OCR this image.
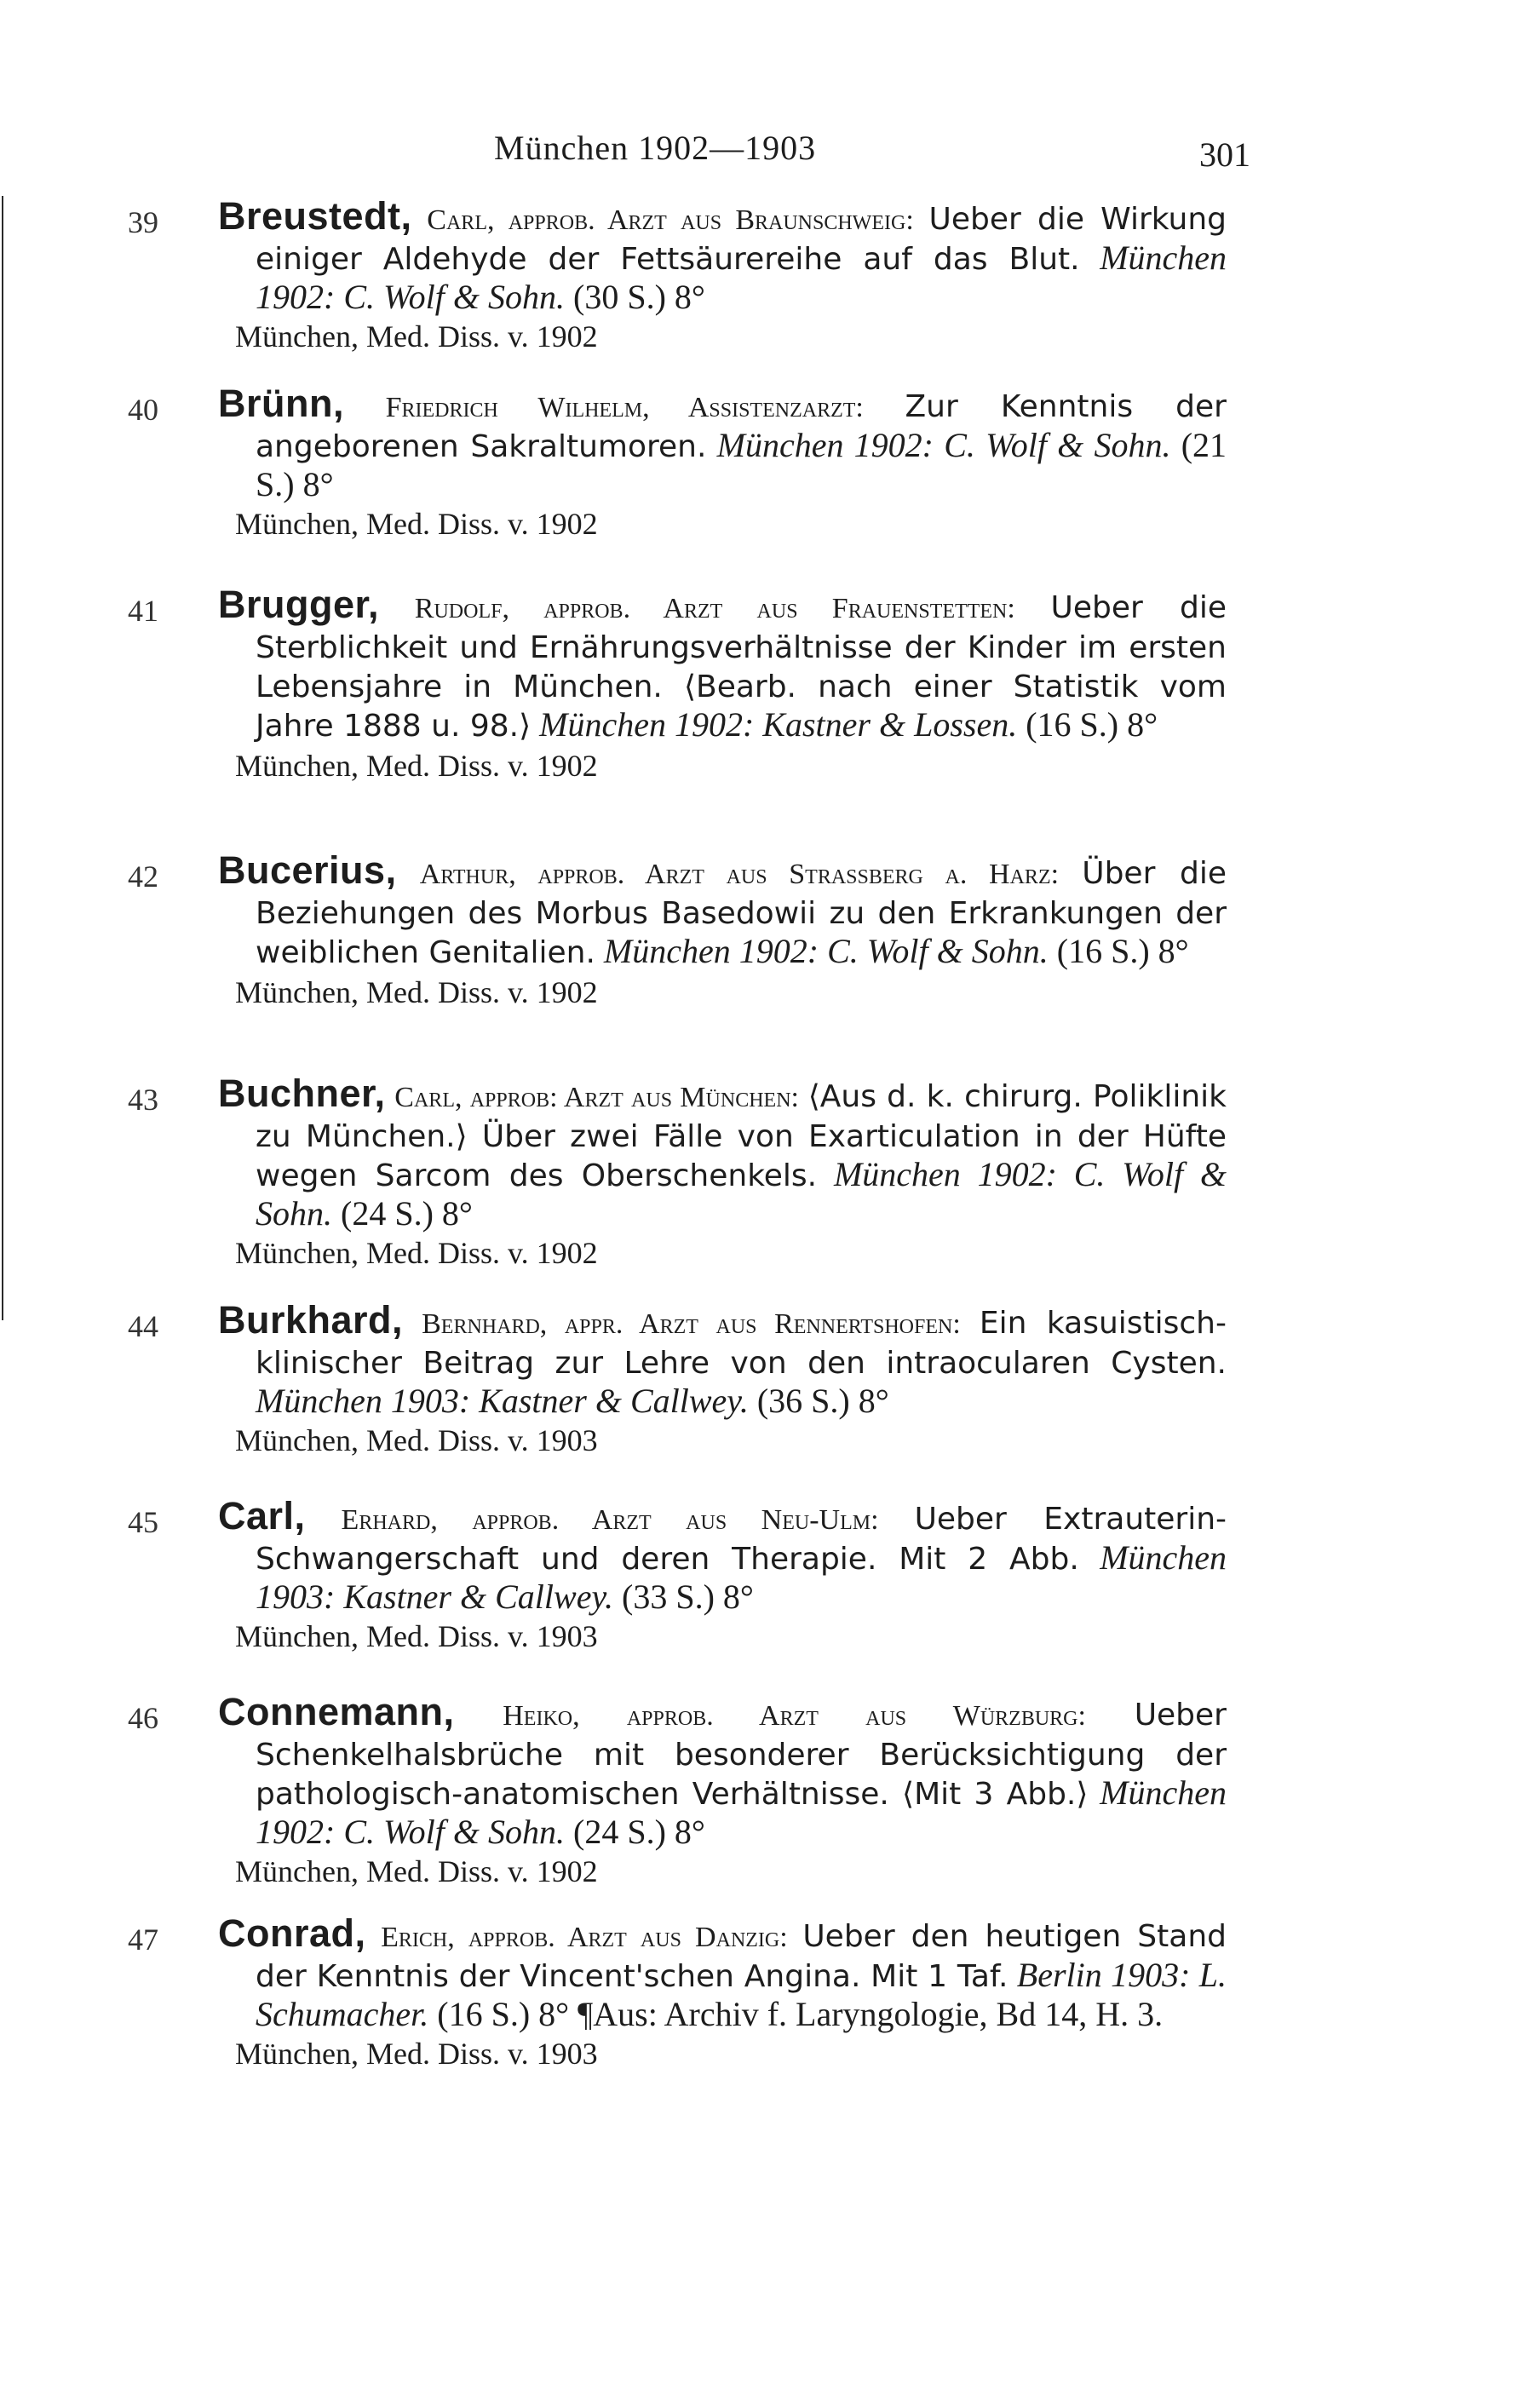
München 1902—1903	301
39 Breustedt, Carl, approb. Arzt aus Braunschweig: Ueber die Wirkung einiger Aldehyde der Fettsäurereihe auf das Blut. München 1902: C. Wolf & Sohn. (30 S.) 8°
München, Med. Diss. v. 1902
40 Brünn, Friedrich Wilhelm, Assistenzarzt: Zur Kenntnis der angeborenen Sakraltumoren. München 1902: C. Wolf & Sohn. (21 S.) 8°
München, Med. Diss. v. 1902
41 Brugger, Rudolf, approb. Arzt aus Frauenstetten: Ueber die Sterblichkeit und Ernährungsverhältnisse der Kinder im ersten Lebensjahre in München. ⟨Bearb. nach einer Statistik vom Jahre 1888 u. 98.⟩ München 1902: Kastner & Lossen. (16 S.) 8°
München, Med. Diss. v. 1902
42 Bucerius, Arthur, approb. Arzt aus Straßberg a. Harz: Über die Beziehungen des Morbus Basedowii zu den Erkrankungen der weiblichen Genitalien. München 1902: C. Wolf & Sohn. (16 S.) 8°
München, Med. Diss. v. 1902
43 Buchner, Carl, approb: Arzt aus München: ⟨Aus d. k. chirurg. Poliklinik zu München.⟩ Über zwei Fälle von Exarticulation in der Hüfte wegen Sarcom des Oberschenkels. München 1902: C. Wolf & Sohn. (24 S.) 8°
München, Med. Diss. v. 1902
44 Burkhard, Bernhard, appr. Arzt aus Rennertshofen: Ein kasuistisch-klinischer Beitrag zur Lehre von den intraocularen Cysten. München 1903: Kastner & Callwey. (36 S.) 8°
München, Med. Diss. v. 1903
45 Carl, Erhard, approb. Arzt aus Neu-Ulm: Ueber Extrauterin-Schwangerschaft und deren Therapie. Mit 2 Abb. München 1903: Kastner & Callwey. (33 S.) 8°
München, Med. Diss. v. 1903
46 Connemann, Heiko, approb. Arzt aus Würzburg: Ueber Schenkelhalsbrüche mit besonderer Berücksichtigung der pathologisch-anatomischen Verhältnisse. ⟨Mit 3 Abb.⟩ München 1902: C. Wolf & Sohn. (24 S.) 8°
München, Med. Diss. v. 1902
47 Conrad, Erich, approb. Arzt aus Danzig: Ueber den heutigen Stand der Kenntnis der Vincent'schen Angina. Mit 1 Taf. Berlin 1903: L. Schumacher. (16 S.) 8° ¶Aus: Archiv f. Laryngologie, Bd 14, H. 3.
München, Med. Diss. v. 1903
